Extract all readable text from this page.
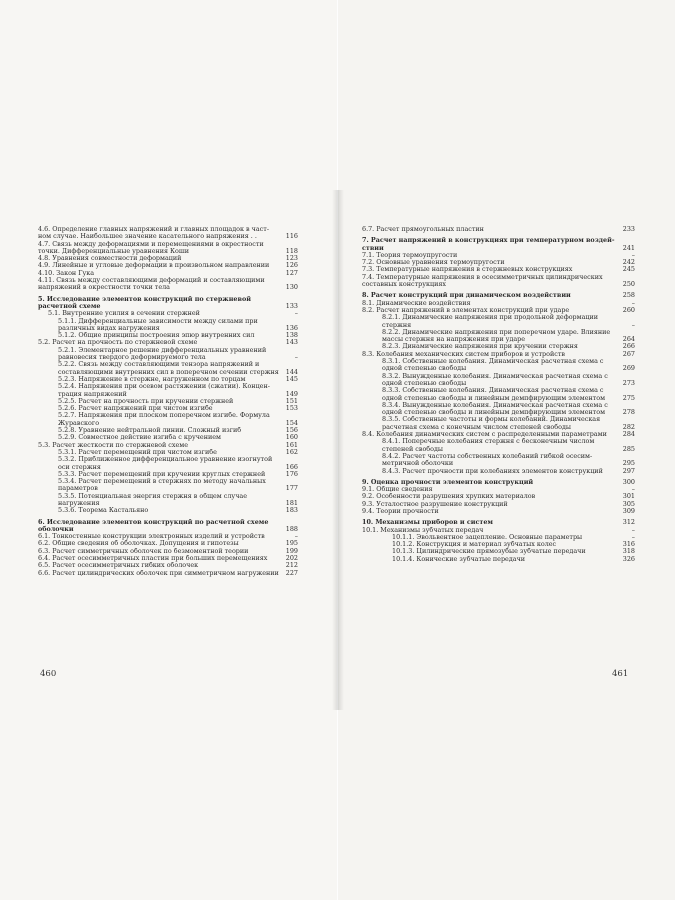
4.6. Определение главных напряжений и главных площадок в частном случае. Наибольшее значение касательного напряжения . .	116
4.7. Связь между деформациями и перемещениями в окрестности точки. Дифференциальные уравнения Коши	118
4.8. Уравнения совместности деформаций	123
4.9. Линейные и угловые деформации в произвольном направлении	126
4.10. Закон Гука	127
4.11. Связь между составляющими деформаций и составляющими напряжений в окрестности точки тела	130
5. Исследование элементов конструкций по стержневой расчетной схеме	133
5.1. Внутренние усилия в сечении стержней	–
5.1.1. Дифференциальные зависимости между силами при различных видах нагружения	136
5.1.2. Общие принципы построения эпюр внутренних сил	138
5.2. Расчет на прочность по стержневой схеме	143
5.2.1. Элементарное решение дифференциальных уравнений равновесия твердого деформируемого тела	–
5.2.2. Связь между составляющими тензора напряжений и составляющими внутренних сил в поперечном сечении стержня	144
5.2.3. Напряжение в стержне, нагруженном по торцам	145
5.2.4. Напряжения при осевом растяжении (сжатии). Концентрация напряжений	149
5.2.5. Расчет на прочность при кручении стержней	151
5.2.6. Расчет напряжений при чистом изгибе	153
5.2.7. Напряжения при плоском поперечном изгибе. Формула Журавского	154
5.2.8. Уравнение нейтральной линии. Сложный изгиб	156
5.2.9. Совместное действие изгиба с кручением	160
5.3. Расчет жесткости по стержневой схеме	161
5.3.1. Расчет перемещений при чистом изгибе	162
5.3.2. Приближенное дифференциальное уравнение изогнутой оси стержня	166
5.3.3. Расчет перемещений при кручении круглых стержней	176
5.3.4. Расчет перемещений в стержнях по методу начальных параметров	177
5.3.5. Потенциальная энергия стержня в общем случае нагружения	181
5.3.6. Теорема Кастальяно	183
6. Исследование элементов конструкций по расчетной схеме оболочки	188
6.1. Тонкостенные конструкции электронных изделий и устройств	–
6.2. Общие сведения об оболочках. Допущения и гипотезы	195
6.3. Расчет симметричных оболочек по безмоментной теории	199
6.4. Расчет осесимметричных пластин при больших перемещениях	202
6.5. Расчет осесимметричных гибких оболочек	212
6.6. Расчет цилиндрических оболочек при симметричном нагружении	227
6.7. Расчет прямоугольных пластин	233
7. Расчет напряжений в конструкциях при температурном воздействии	241
7.1. Теория термоупругости	–
7.2. Основные уравнения термоупругости	242
7.3. Температурные напряжения в стержневых конструкциях	245
7.4. Температурные напряжения в осесимметричных цилиндрических составных конструкциях	250
8. Расчет конструкций при динамическом воздействии	258
8.1. Динамические воздействия	–
8.2. Расчет напряжений в элементах конструкций при ударе	260
8.2.1. Динамические напряжения при продольной деформации стержня	–
8.2.2. Динамические напряжения при поперечном ударе. Влияние массы стержня на напряжения при ударе	264
8.2.3. Динамические напряжения при кручении стержня	266
8.3. Колебания механических систем приборов и устройств	267
8.3.1. Собственные колебания. Динамическая расчетная схема с одной степенью свободы	269
8.3.2. Вынужденные колебания. Динамическая расчетная схема с одной степенью свободы	273
8.3.3. Собственные колебания. Динамическая расчетная схема с одной степенью свободы и линейным демпфирующим элементом	275
8.3.4. Вынужденные колебания. Динамическая расчетная схема с одной степенью свободы и линейным демпфирующим элементом	278
8.3.5. Собственные частоты и формы колебаний. Динамическая расчетная схема с конечным числом степеней свободы	282
8.4. Колебания динамических систем с распределенными параметрами	284
8.4.1. Поперечные колебания стержня с бесконечным числом степеней свободы	285
8.4.2. Расчет частоты собственных колебаний гибкой осесимметричной оболочки	295
8.4.3. Расчет прочности при колебаниях элементов конструкций	297
9. Оценка прочности элементов конструкций	300
9.1. Общие сведения	–
9.2. Особенности разрушения хрупких материалов	301
9.3. Усталостное разрушение конструкций	305
9.4. Теории прочности	309
10. Механизмы приборов и систем	312
10.1. Механизмы зубчатых передач	–
10.1.1. Эвольвентное зацепление. Основные параметры	–
10.1.2. Конструкция и материал зубчатых колес	316
10.1.3. Цилиндрические прямозубые зубчатые передачи	318
10.1.4. Конические зубчатые передачи	326
460	461
